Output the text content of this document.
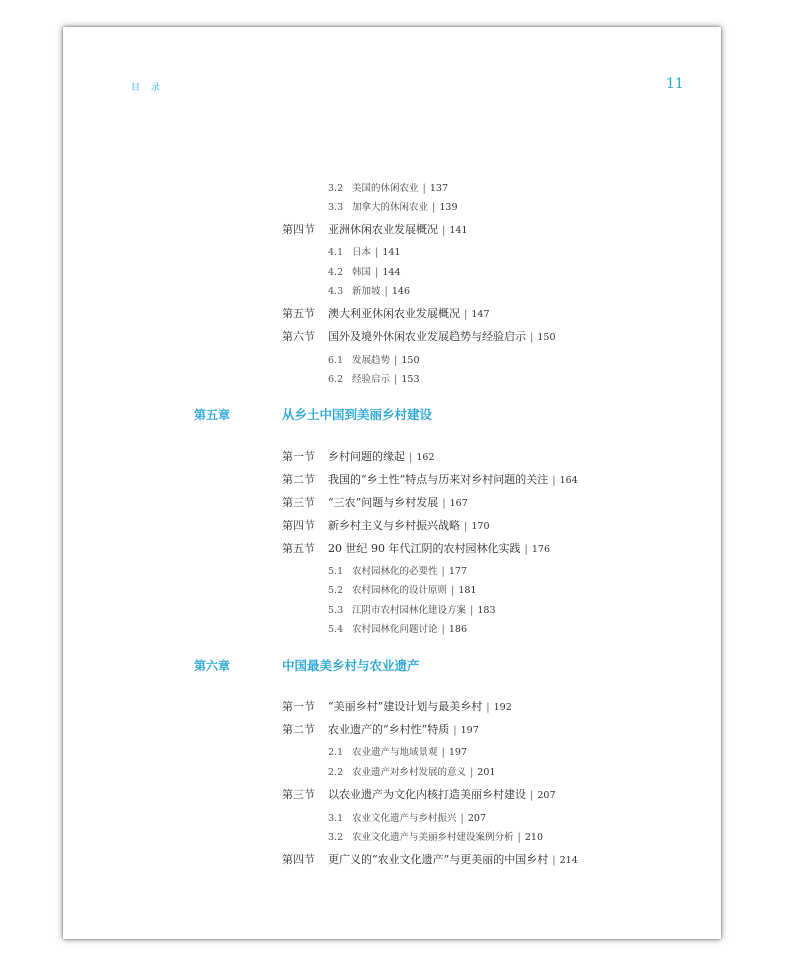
目 录	11
3.2 美国的休闲农业 | 137
3.3 加拿大的休闲农业 | 139
第四节 亚洲休闲农业发展概况 | 141
4.1 日本 | 141
4.2 韩国 | 144
4.3 新加坡 | 146
第五节 澳大利亚休闲农业发展概况 | 147
第六节 国外及境外休闲农业发展趋势与经验启示 | 150
6.1 发展趋势 | 150
6.2 经验启示 | 153
第五章	从乡土中国到美丽乡村建设
第一节 乡村问题的缘起 | 162
第二节 我国的“乡土性”特点与历来对乡村问题的关注 | 164
第三节 “三农”问题与乡村发展 | 167
第四节 新乡村主义与乡村振兴战略 | 170
第五节 20 世纪 90 年代江阴的农村园林化实践 | 176
5.1 农村园林化的必要性 | 177
5.2 农村园林化的设计原则 | 181
5.3 江阴市农村园林化建设方案 | 183
5.4 农村园林化问题讨论 | 186
第六章	中国最美乡村与农业遗产
第一节 “美丽乡村”建设计划与最美乡村 | 192
第二节 农业遗产的“乡村性”特质 | 197
2.1 农业遗产与地域景观 | 197
2.2 农业遗产对乡村发展的意义 | 201
第三节 以农业遗产为文化内核打造美丽乡村建设 | 207
3.1 农业文化遗产与乡村振兴 | 207
3.2 农业文化遗产与美丽乡村建设案例分析 | 210
第四节 更广义的“农业文化遗产”与更美丽的中国乡村 | 214
